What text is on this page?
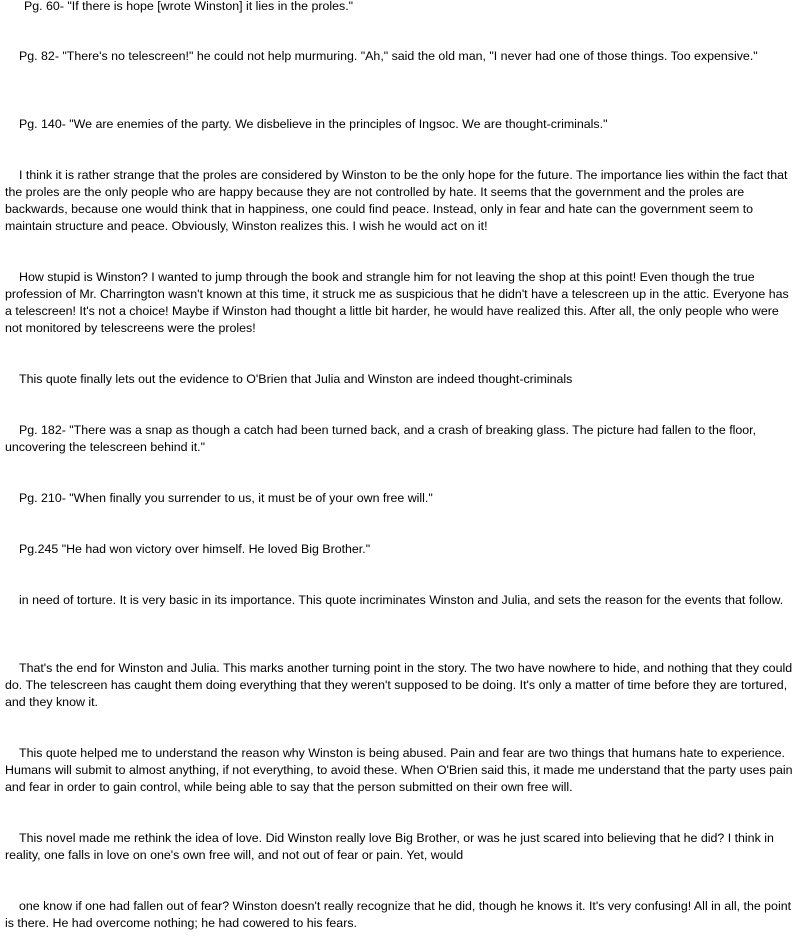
Pg. 60- "If there is hope [wrote Winston] it lies in the proles."

Pg. 82- "There's no telescreen!" he could not help murmuring. "Ah," said the old man, "I never had one of those things. Too expensive."

Pg. 140- "We are enemies of the party. We disbelieve in the principles of Ingsoc. We are thought-criminals."

I think it is rather strange that the proles are considered by Winston to be the only hope for the future. The importance lies within the fact that the proles are the only people who are happy because they are not controlled by hate. It seems that the government and the proles are backwards, because one would think that in happiness, one could find peace. Instead, only in fear and hate can the government seem to maintain structure and peace. Obviously, Winston realizes this. I wish he would act on it!

How stupid is Winston? I wanted to jump through the book and strangle him for not leaving the shop at this point! Even though the true profession of Mr. Charrington wasn't known at this time, it struck me as suspicious that he didn't have a telescreen up in the attic. Everyone has a telescreen! It's not a choice! Maybe if Winston had thought a little bit harder, he would have realized this. After all, the only people who were not monitored by telescreens were the proles!

This quote finally lets out the evidence to O'Brien that Julia and Winston are indeed thought-criminals

Pg. 182- "There was a snap as though a catch had been turned back, and a crash of breaking glass. The picture had fallen to the floor, uncovering the telescreen behind it."

Pg. 210- "When finally you surrender to us, it must be of your own free will."

Pg.245 "He had won victory over himself. He loved Big Brother."

in need of torture. It is very basic in its importance. This quote incriminates Winston and Julia, and sets the reason for the events that follow.

That's the end for Winston and Julia. This marks another turning point in the story. The two have nowhere to hide, and nothing that they could do. The telescreen has caught them doing everything that they weren't supposed to be doing. It's only a matter of time before they are tortured, and they know it.

This quote helped me to understand the reason why Winston is being abused. Pain and fear are two things that humans hate to experience. Humans will submit to almost anything, if not everything, to avoid these. When O'Brien said this, it made me understand that the party uses pain and fear in order to gain control, while being able to say that the person submitted on their own free will.

This novel made me rethink the idea of love. Did Winston really love Big Brother, or was he just scared into believing that he did? I think in reality, one falls in love on one's own free will, and not out of fear or pain. Yet, would

one know if one had fallen out of fear? Winston doesn't really recognize that he did, though he knows it. It's very confusing! All in all, the point is there. He had overcome nothing; he had cowered to his fears.
